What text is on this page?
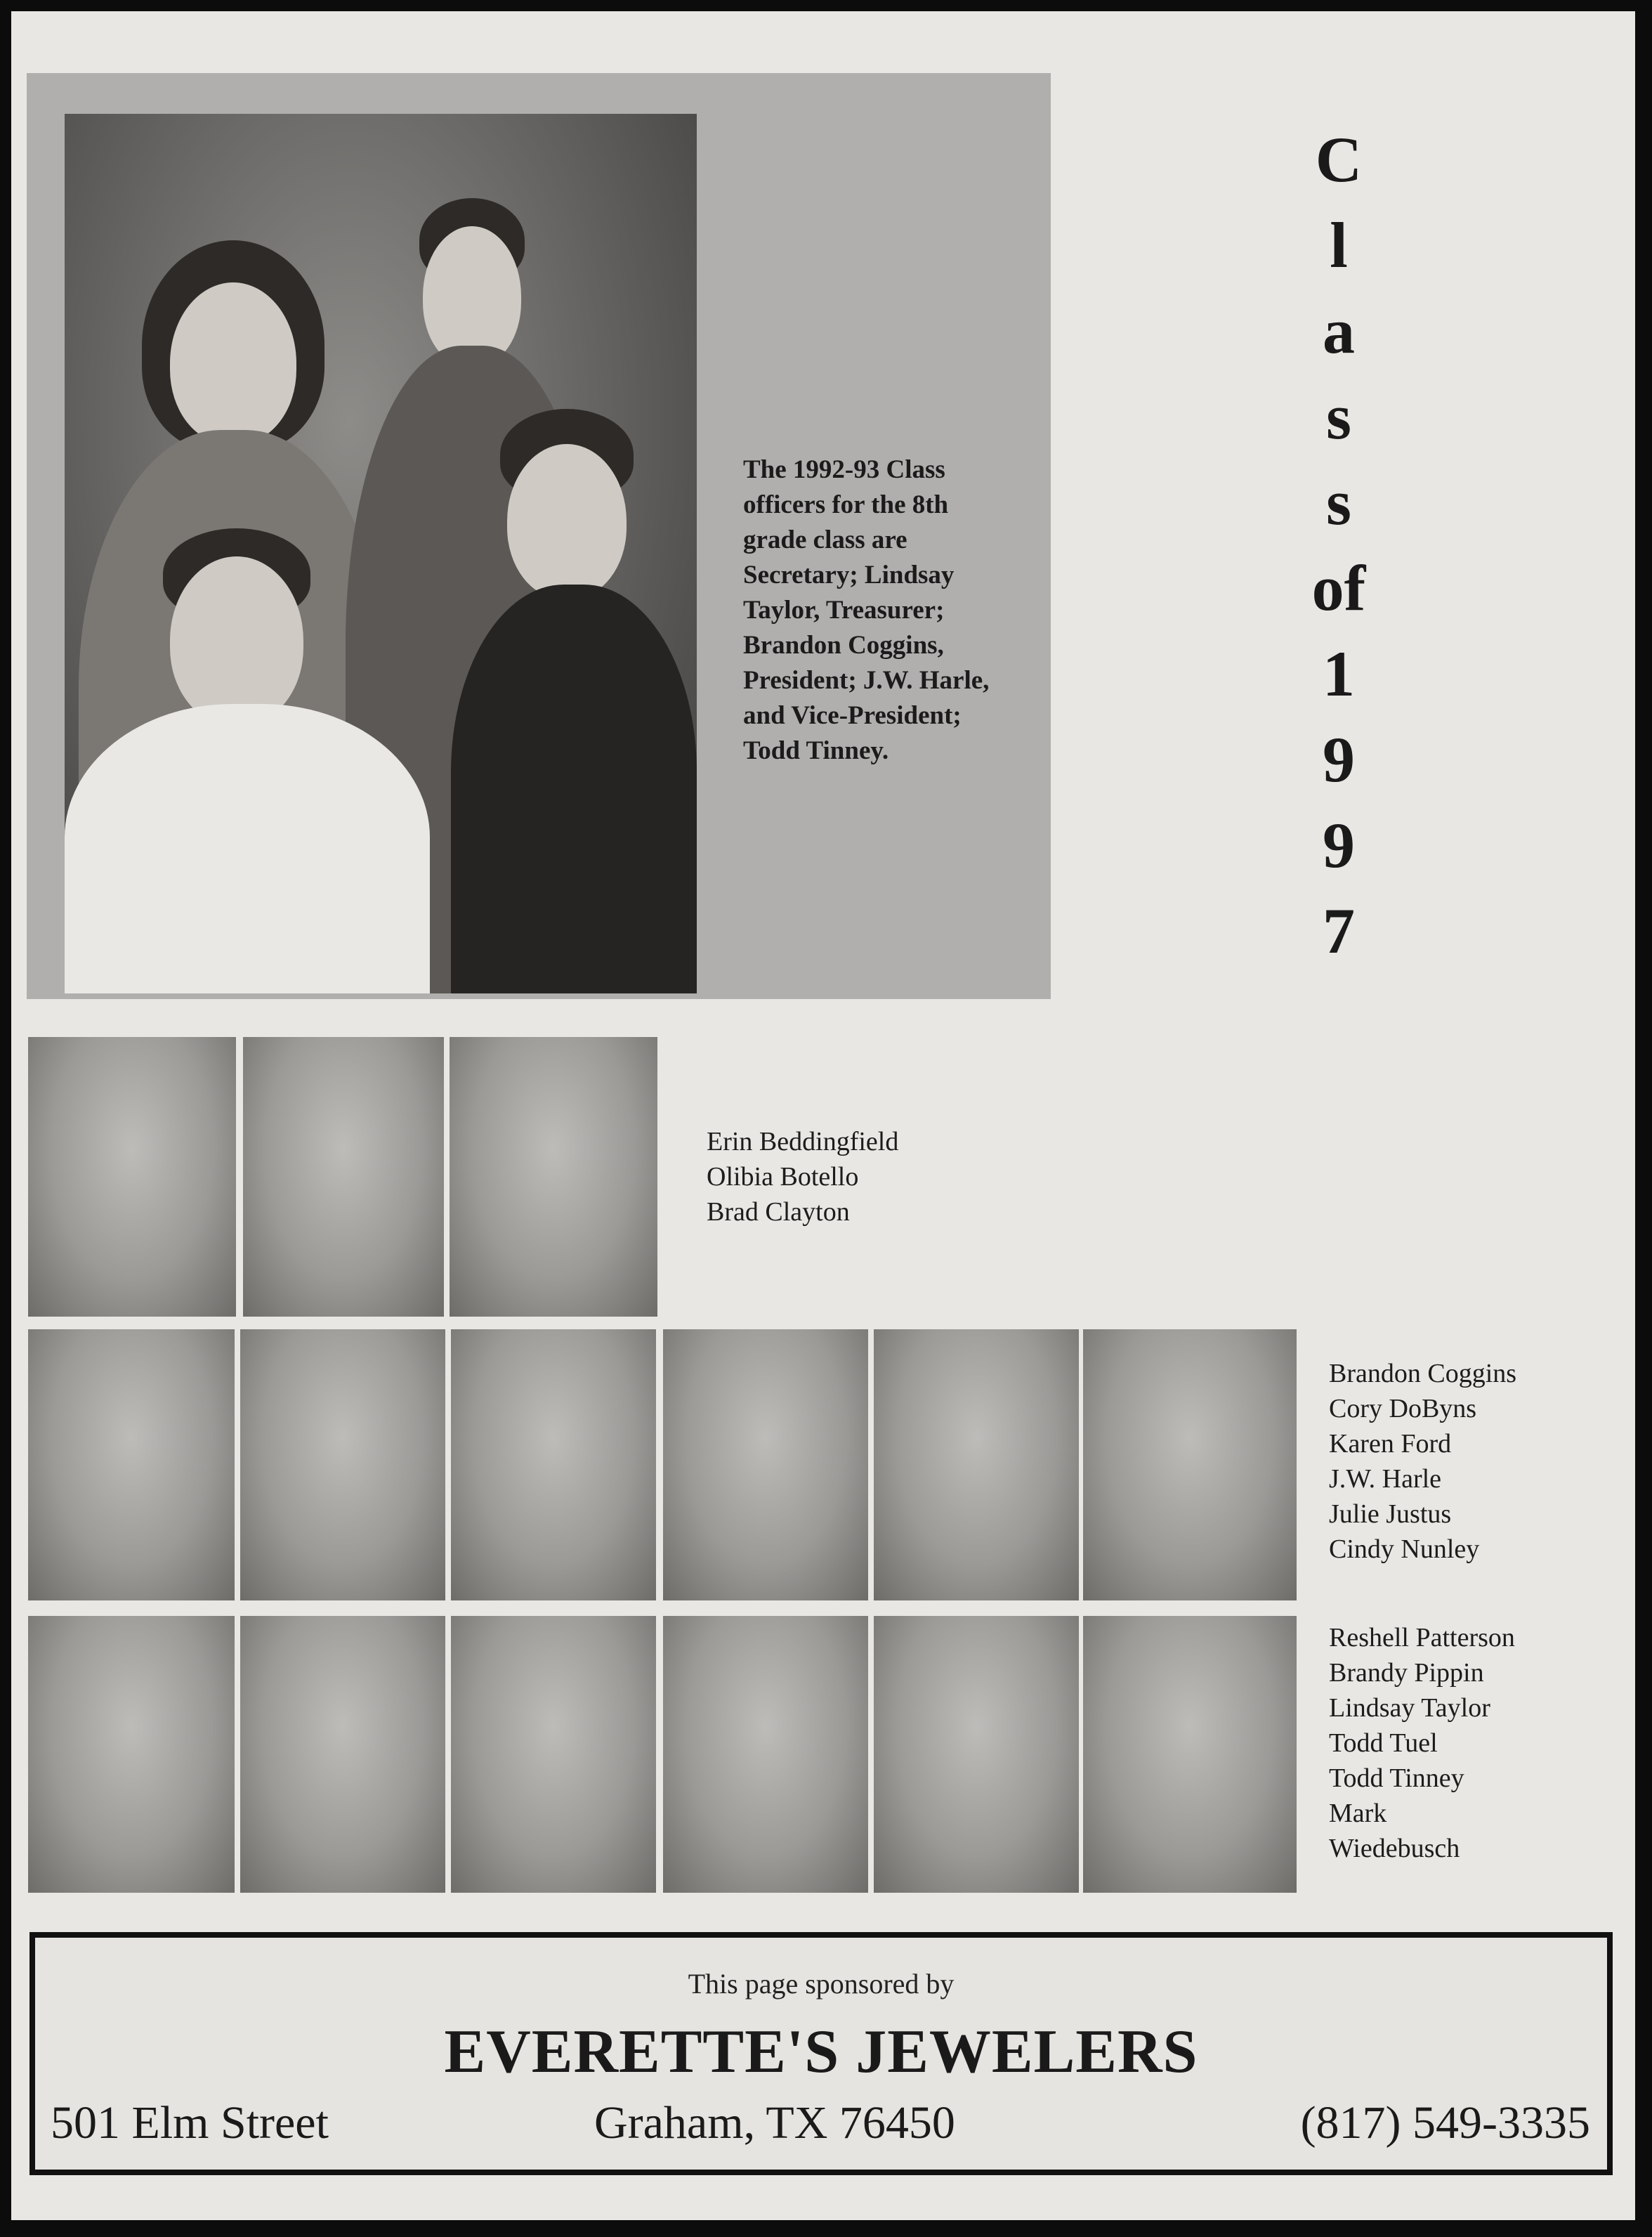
The 1992-93 Class
officers for the 8th
grade class are
Secretary; Lindsay
Taylor, Treasurer;
Brandon Coggins,
President; J.W. Harle,
and Vice-President;
Todd Tinney.
C
l
a
s
s
of
1
9
9
7
Erin Beddingfield
Olibia Botello
Brad Clayton
Brandon Coggins
Cory DoByns
Karen Ford
J.W. Harle
Julie Justus
Cindy Nunley
Reshell Patterson
Brandy Pippin
Lindsay Taylor
Todd Tuel
Todd Tinney
Mark
Wiedebusch
This page sponsored by
EVERETTE'S JEWELERS
501 Elm Street	Graham, TX 76450	(817) 549-3335
